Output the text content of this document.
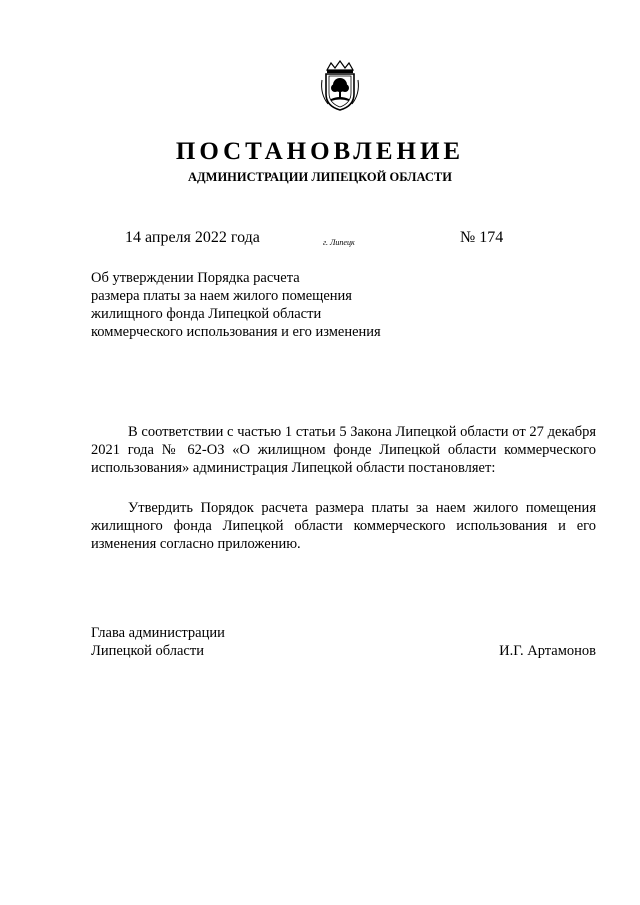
ПОСТАНОВЛЕНИЕ
АДМИНИСТРАЦИИ ЛИПЕЦКОЙ ОБЛАСТИ
14 апреля 2022 года	г. Липецк	№ 174
Об утверждении Порядка расчета
размера платы за наем жилого помещения
жилищного фонда Липецкой области
коммерческого использования и его изменения
В соответствии с частью 1 статьи 5 Закона Липецкой области от 27 декабря 2021 года № 62-ОЗ «О жилищном фонде Липецкой области коммерческого использования» администрация Липецкой области постановляет:
Утвердить Порядок расчета размера платы за наем жилого помещения жилищного фонда Липецкой области коммерческого использования и его изменения согласно приложению.
Глава администрации
Липецкой области	И.Г. Артамонов
